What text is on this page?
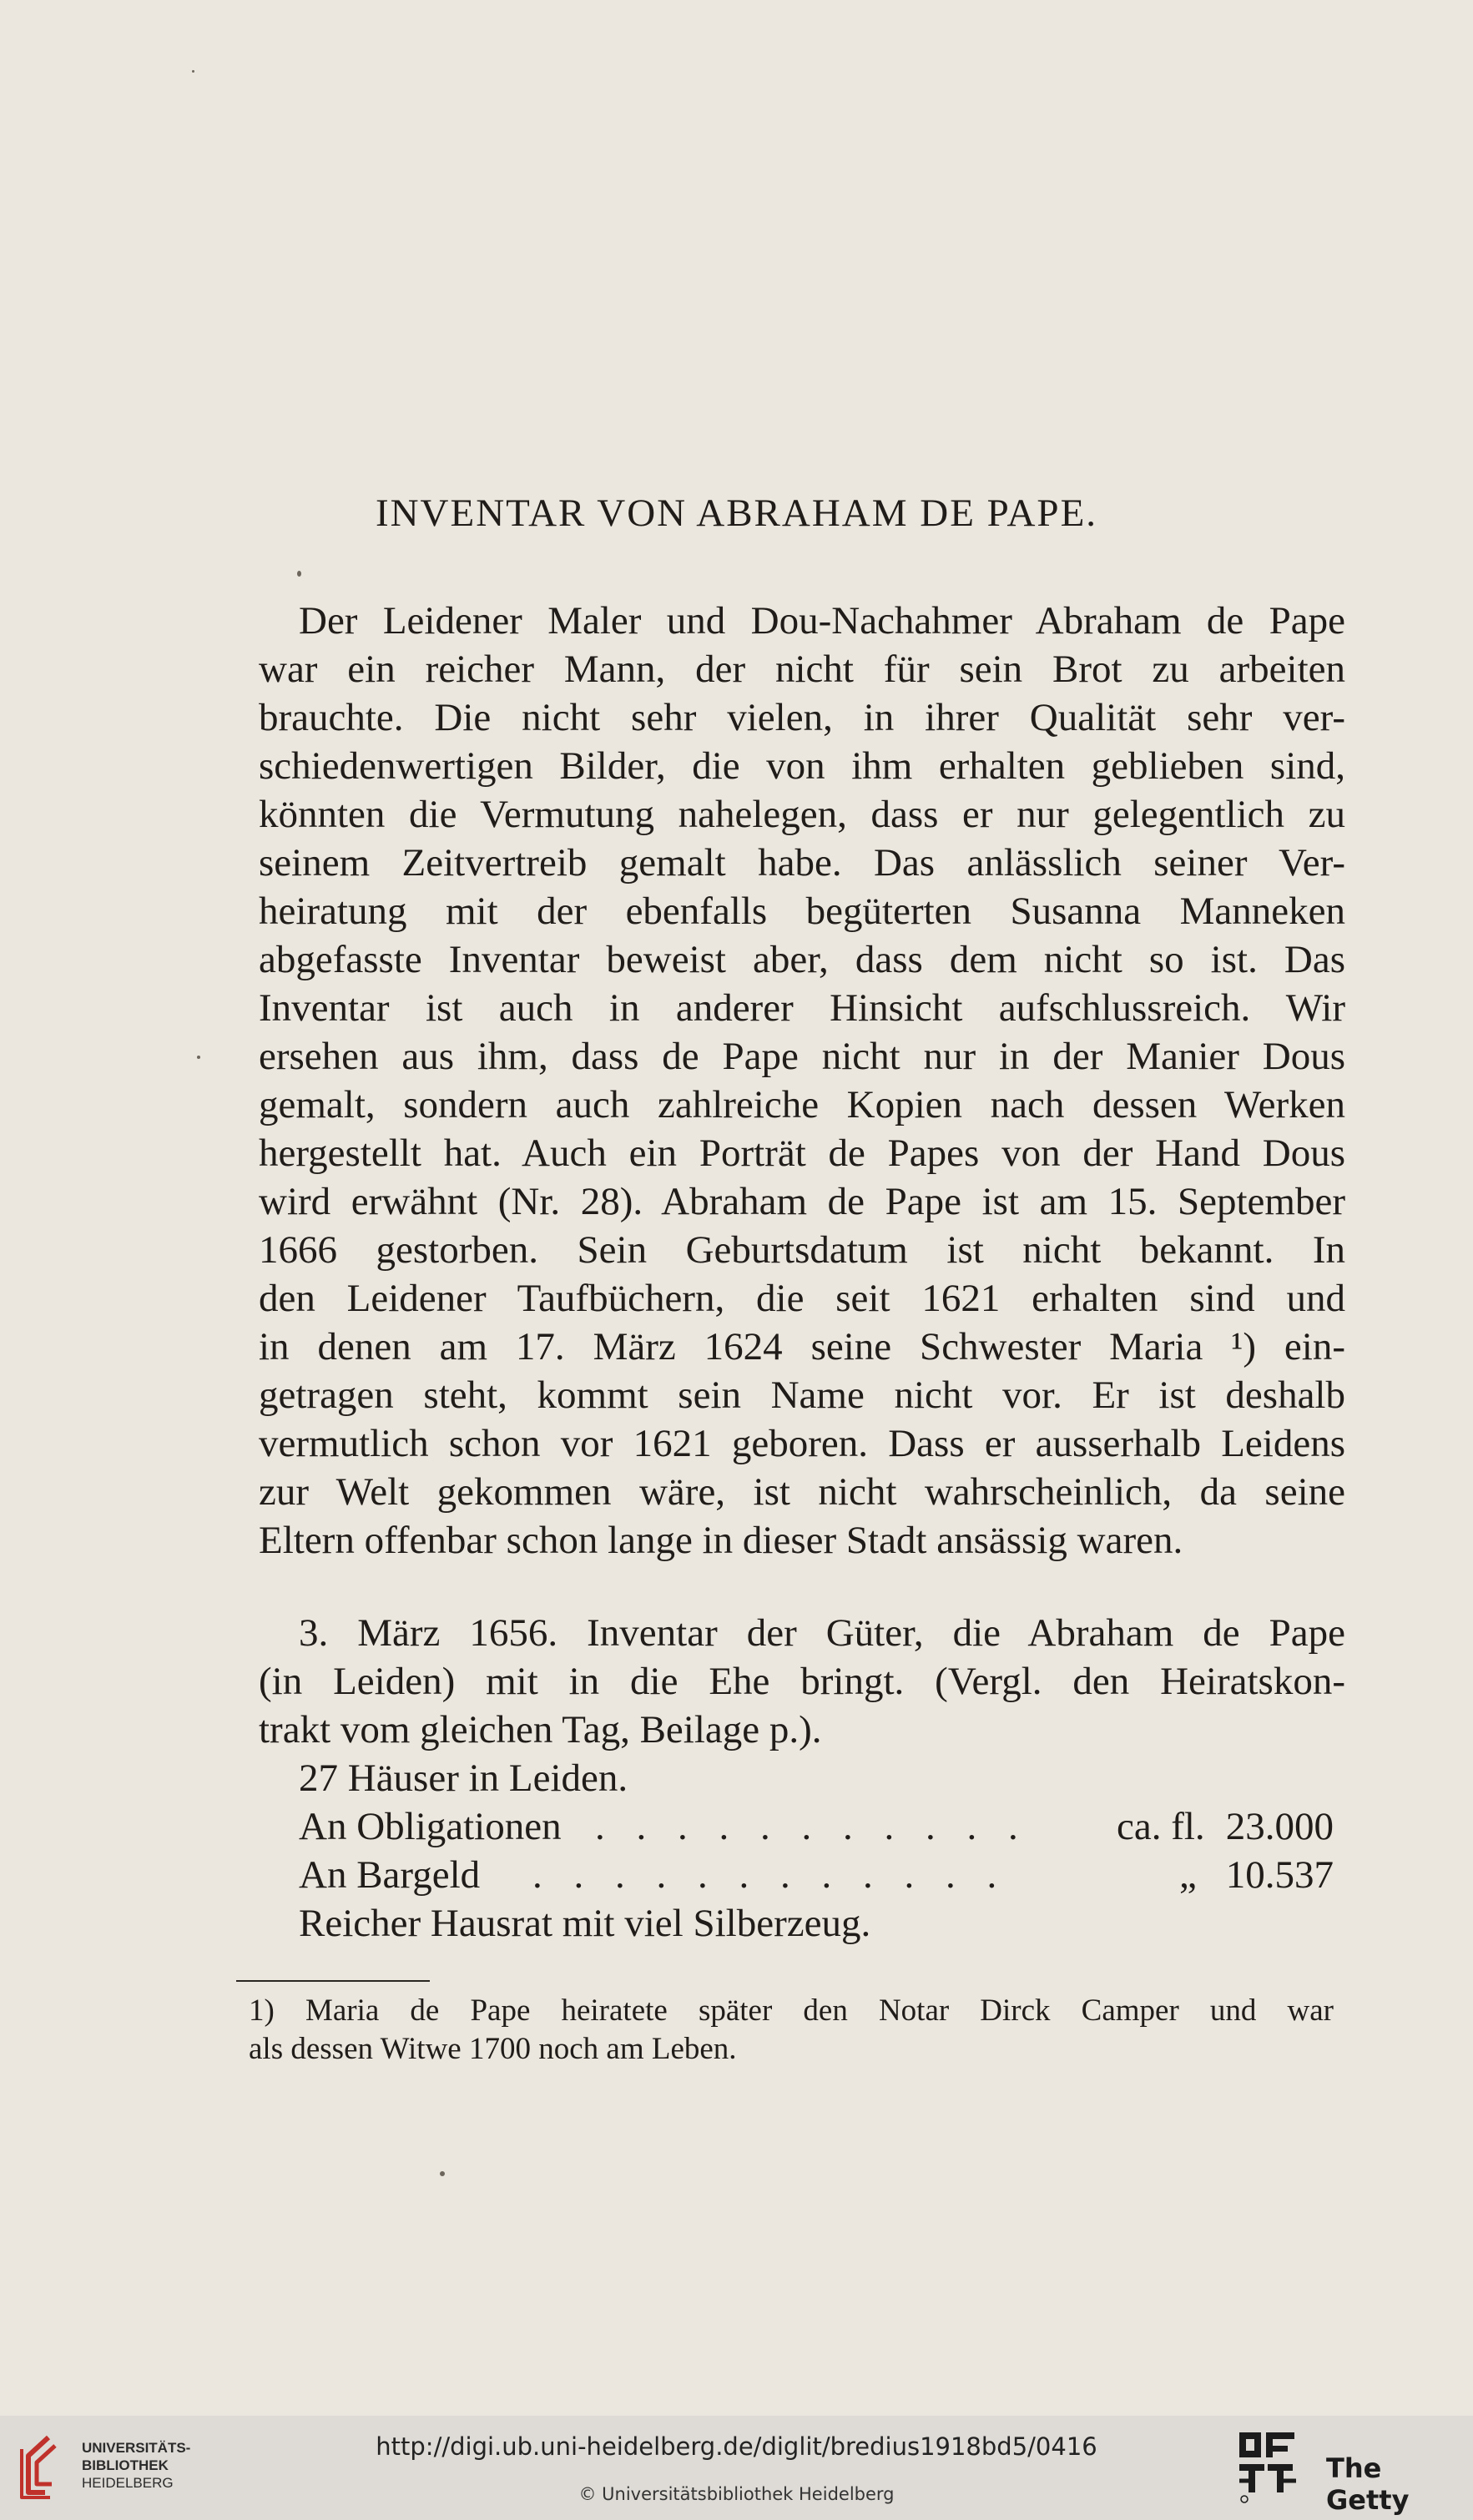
INVENTAR VON ABRAHAM DE PAPE.
Der Leidener Maler und Dou-Nachahmer Abraham de Pape
war ein reicher Mann, der nicht für sein Brot zu arbeiten
brauchte. Die nicht sehr vielen, in ihrer Qualität sehr ver-
schiedenwertigen Bilder, die von ihm erhalten geblieben sind,
könnten die Vermutung nahelegen, dass er nur gelegentlich zu
seinem Zeitvertreib gemalt habe. Das anlässlich seiner Ver-
heiratung mit der ebenfalls begüterten Susanna Manneken
abgefasste Inventar beweist aber, dass dem nicht so ist. Das
Inventar ist auch in anderer Hinsicht aufschlussreich. Wir
ersehen aus ihm, dass de Pape nicht nur in der Manier Dous
gemalt, sondern auch zahlreiche Kopien nach dessen Werken
hergestellt hat. Auch ein Porträt de Papes von der Hand Dous
wird erwähnt (Nr. 28). Abraham de Pape ist am 15. September
1666 gestorben. Sein Geburtsdatum ist nicht bekannt. In
den Leidener Taufbüchern, die seit 1621 erhalten sind und
in denen am 17. März 1624 seine Schwester Maria ¹) ein-
getragen steht, kommt sein Name nicht vor. Er ist deshalb
vermutlich schon vor 1621 geboren. Dass er ausserhalb Leidens
zur Welt gekommen wäre, ist nicht wahrscheinlich, da seine
Eltern offenbar schon lange in dieser Stadt ansässig waren.
3. März 1656. Inventar der Güter, die Abraham de Pape
(in Leiden) mit in die Ehe bringt. (Vergl. den Heiratskon-
trakt vom gleichen Tag, Beilage p.).
27 Häuser in Leiden.
An Obligationen . . . . . . . . . . . ca. fl. 23.000
An Bargeld . . . . . . . . . . . .	„ 10.537
Reicher Hausrat mit viel Silberzeug.
1) Maria de Pape heiratete später den Notar Dirck Camper und war
als dessen Witwe 1700 noch am Leben.
UNIVERSITÄTS-
BIBLIOTHEK
HEIDELBERG
http://digi.ub.uni-heidelberg.de/diglit/bredius1918bd5/0416
© Universitätsbibliothek Heidelberg
The Getty
